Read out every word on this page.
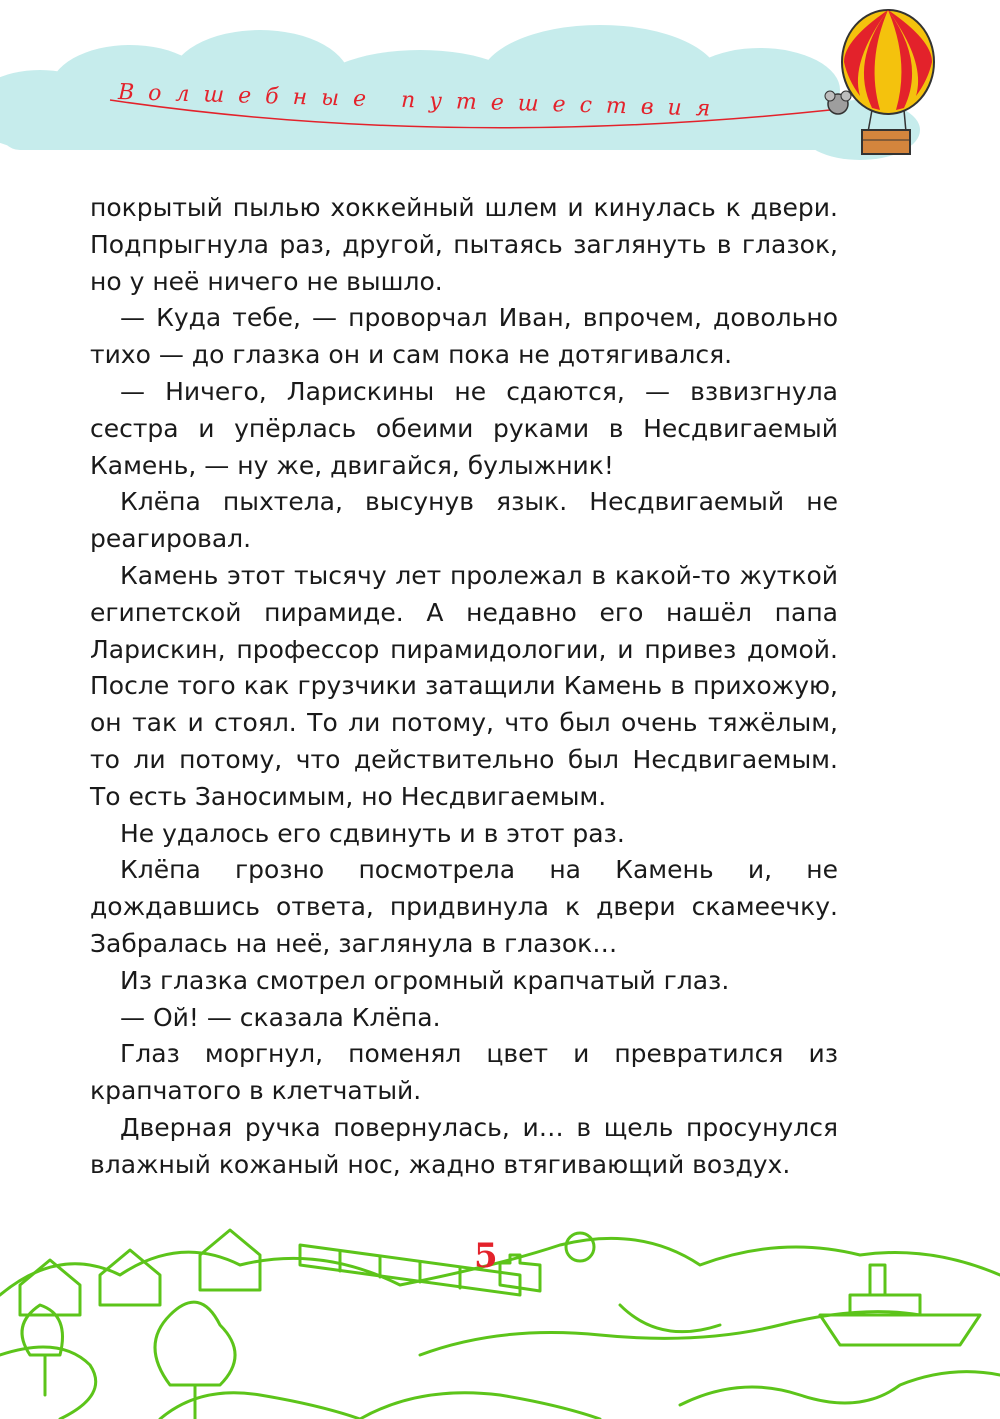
Волшебные путешествия

покрытый пылью хоккейный шлем и кинулась к двери. Подпрыгнула раз, другой, пытаясь заглянуть в глазок, но у неё ничего не вышло.

— Куда тебе, — проворчал Иван, впрочем, довольно тихо — до глазка он и сам пока не дотягивался.

— Ничего, Ларискины не сдаются, — взвизгнула сестра и упёрлась обеими руками в Несдвигаемый Камень, — ну же, двигайся, булыжник!

Клёпа пыхтела, высунув язык. Несдвигаемый не реагировал.

Камень этот тысячу лет пролежал в какой-то жуткой египетской пирамиде. А недавно его нашёл папа Ларискин, профессор пирамидологии, и привез домой. После того как грузчики затащили Камень в прихожую, он так и стоял. То ли потому, что был очень тяжёлым, то ли потому, что действительно был Несдвигаемым. То есть Заносимым, но Несдвигаемым.

Не удалось его сдвинуть и в этот раз.

Клёпа грозно посмотрела на Камень и, не дождавшись ответа, придвинула к двери скамеечку. Забралась на неё, заглянула в глазок…

Из глазка смотрел огромный крапчатый глаз.

— Ой! — сказала Клёпа.

Глаз моргнул, поменял цвет и превратился из крапчатого в клетчатый.

Дверная ручка повернулась, и… в щель просунулся влажный кожаный нос, жадно втягивающий воздух.

5
